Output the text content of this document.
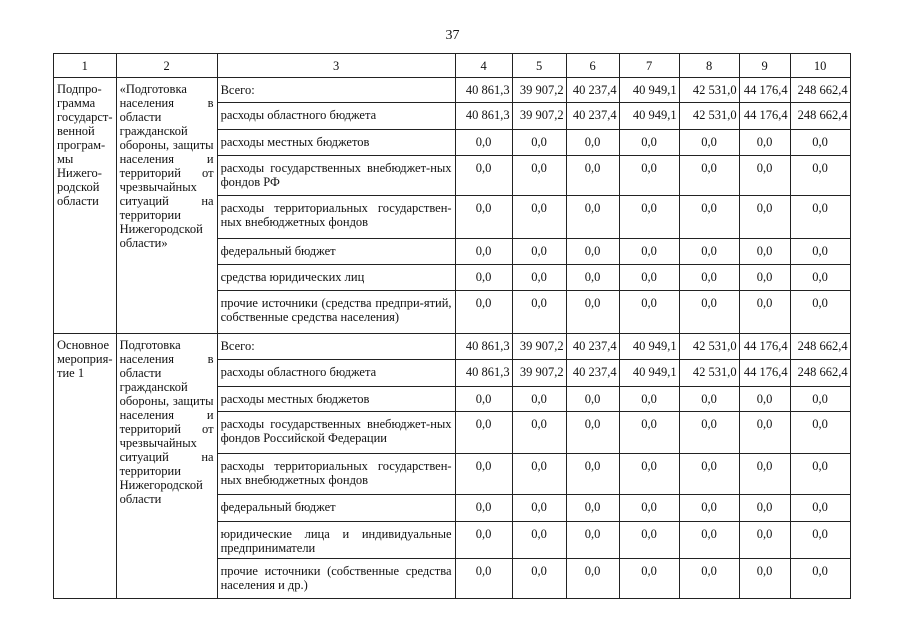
37
1	2	3	4	5	6	7	8	9	10
Подпро-грамма государст-венной програм-мы Нижего-родской области	«Подготовка населения в области гражданской обороны, защиты населения и территорий от чрезвычайных ситуаций на территории Нижегородской области»	Всего:	40 861,3	39 907,2	40 237,4	40 949,1	42 531,0	44 176,4	248 662,4
		расходы областного бюджета	40 861,3	39 907,2	40 237,4	40 949,1	42 531,0	44 176,4	248 662,4
		расходы местных бюджетов	0,0	0,0	0,0	0,0	0,0	0,0	0,0
		расходы государственных внебюджет-ных фондов РФ	0,0	0,0	0,0	0,0	0,0	0,0	0,0
		расходы территориальных государствен-ных внебюджетных фондов	0,0	0,0	0,0	0,0	0,0	0,0	0,0
		федеральный бюджет	0,0	0,0	0,0	0,0	0,0	0,0	0,0
		средства юридических лиц	0,0	0,0	0,0	0,0	0,0	0,0	0,0
		прочие источники (средства предпри-ятий, собственные средства населения)	0,0	0,0	0,0	0,0	0,0	0,0	0,0
Основное мероприя-тие 1	Подготовка населения в области гражданской обороны, защиты населения и территорий от чрезвычайных ситуаций на территории Нижегородской области	Всего:	40 861,3	39 907,2	40 237,4	40 949,1	42 531,0	44 176,4	248 662,4
		расходы областного бюджета	40 861,3	39 907,2	40 237,4	40 949,1	42 531,0	44 176,4	248 662,4
		расходы местных бюджетов	0,0	0,0	0,0	0,0	0,0	0,0	0,0
		расходы государственных внебюджет-ных фондов Российской Федерации	0,0	0,0	0,0	0,0	0,0	0,0	0,0
		расходы территориальных государствен-ных внебюджетных фондов	0,0	0,0	0,0	0,0	0,0	0,0	0,0
		федеральный бюджет	0,0	0,0	0,0	0,0	0,0	0,0	0,0
		юридические лица и индивидуальные предприниматели	0,0	0,0	0,0	0,0	0,0	0,0	0,0
		прочие источники (собственные средства населения и др.)	0,0	0,0	0,0	0,0	0,0	0,0	0,0
